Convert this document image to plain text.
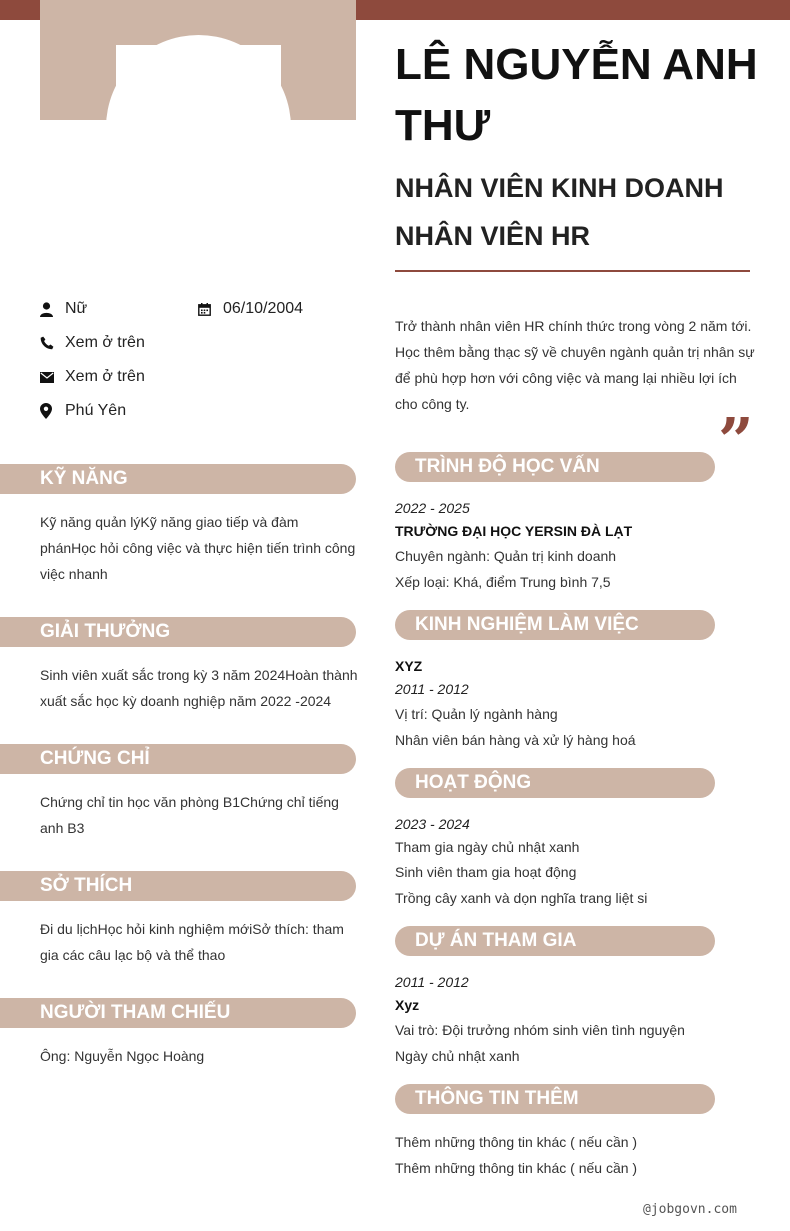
LÊ NGUYỄN ANH THƯ
NHÂN VIÊN KINH DOANH
NHÂN VIÊN HR
Nữ	06/10/2004
Xem ở trên
Xem ở trên
Phú Yên
Trở thành nhân viên HR chính thức trong vòng 2 năm tới. Học thêm bằng thạc sỹ về chuyên ngành quản trị nhân sự để phù hợp hơn với công việc và mang lại nhiều lợi ích cho công ty.	”
KỸ NĂNG
Kỹ năng quản lýKỹ năng giao tiếp và đàm phánHọc hỏi công việc và thực hiện tiến trình công việc nhanh
GIẢI THƯỞNG
Sinh viên xuất sắc trong kỳ 3 năm 2024Hoàn thành xuất sắc học kỳ doanh nghiệp năm 2022 -2024
CHỨNG CHỈ
Chứng chỉ tin học văn phòng B1Chứng chỉ tiếng anh B3
SỞ THÍCH
Đi du lịchHọc hỏi kinh nghiệm mớiSở thích: tham gia các câu lạc bộ và thể thao
NGƯỜI THAM CHIẾU
Ông: Nguyễn Ngọc Hoàng
TRÌNH ĐỘ HỌC VẤN
2022 - 2025
TRƯỜNG ĐẠI HỌC YERSIN ĐÀ LẠT
Chuyên ngành: Quản trị kinh doanh
Xếp loại: Khá, điểm Trung bình 7,5
KINH NGHIỆM LÀM VIỆC
XYZ
2011 - 2012
Vị trí: Quản lý ngành hàng
Nhân viên bán hàng và xử lý hàng hoá
HOẠT ĐỘNG
2023 - 2024
Tham gia ngày chủ nhật xanh
Sinh viên tham gia hoạt động
Trồng cây xanh và dọn nghĩa trang liệt si
DỰ ÁN THAM GIA
2011 - 2012
Xyz
Vai trò: Đội trưởng nhóm sinh viên tình nguyện
Ngày chủ nhật xanh
THÔNG TIN THÊM
Thêm những thông tin khác ( nếu cần )
Thêm những thông tin khác ( nếu cần )
@jobgovn.com
